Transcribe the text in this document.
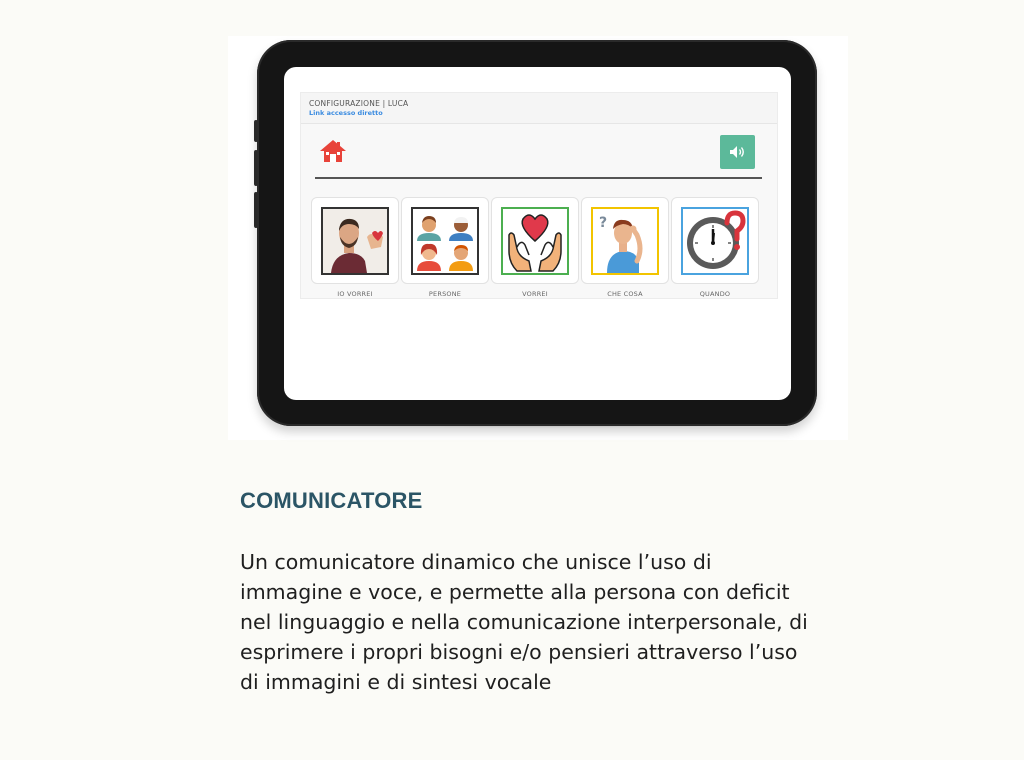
CONFIGURAZIONE | LUCA
Link accesso diretto
IO VORREI	PERSONE	VORREI
?
CHE COSA	QUANDO
COMUNICATORE
Un comunicatore dinamico che unisce l’uso di immagine e voce, e permette alla persona con deficit nel linguaggio e nella comunicazione interpersonale, di esprimere i propri bisogni e/o pensieri attraverso l’uso di immagini e di sintesi vocale
